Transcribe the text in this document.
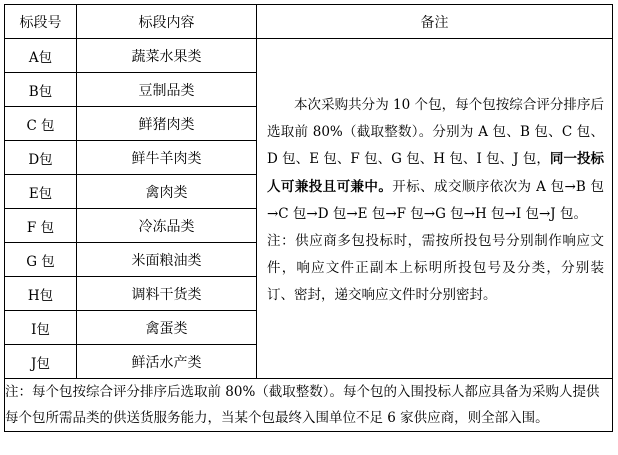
标段号	标段内容	备注
A包	蔬菜水果类	本次采购共分为 10 个包，每个包按综合评分排序后选取前 80%（截取整数）。分别为 A 包、B 包、C 包、D 包、E 包、F 包、G 包、H 包、I 包、J 包，同一投标人可兼投且可兼中。开标、成交顺序依次为 A 包→B 包→C 包→D 包→E 包→F 包→G 包→H 包→I 包→J 包。

注：供应商多包投标时，需按所投包号分别制作响应文件，响应文件正副本上标明所投包号及分类，分别装订、密封，递交响应文件时分别密封。

B包	豆制品类	
C 包	鲜猪肉类	
D包	鲜牛羊肉类	
E包	禽肉类	
F 包	冷冻品类	
G 包	米面粮油类	
H包	调料干货类	
I包	禽蛋类	
J包	鲜活水产类	
注：每个包按综合评分排序后选取前 80%（截取整数）。每个包的入围投标人都应具备为采购人提供每个包所需品类的供送货服务能力，当某个包最终入围单位不足 6 家供应商，则全部入围。		
